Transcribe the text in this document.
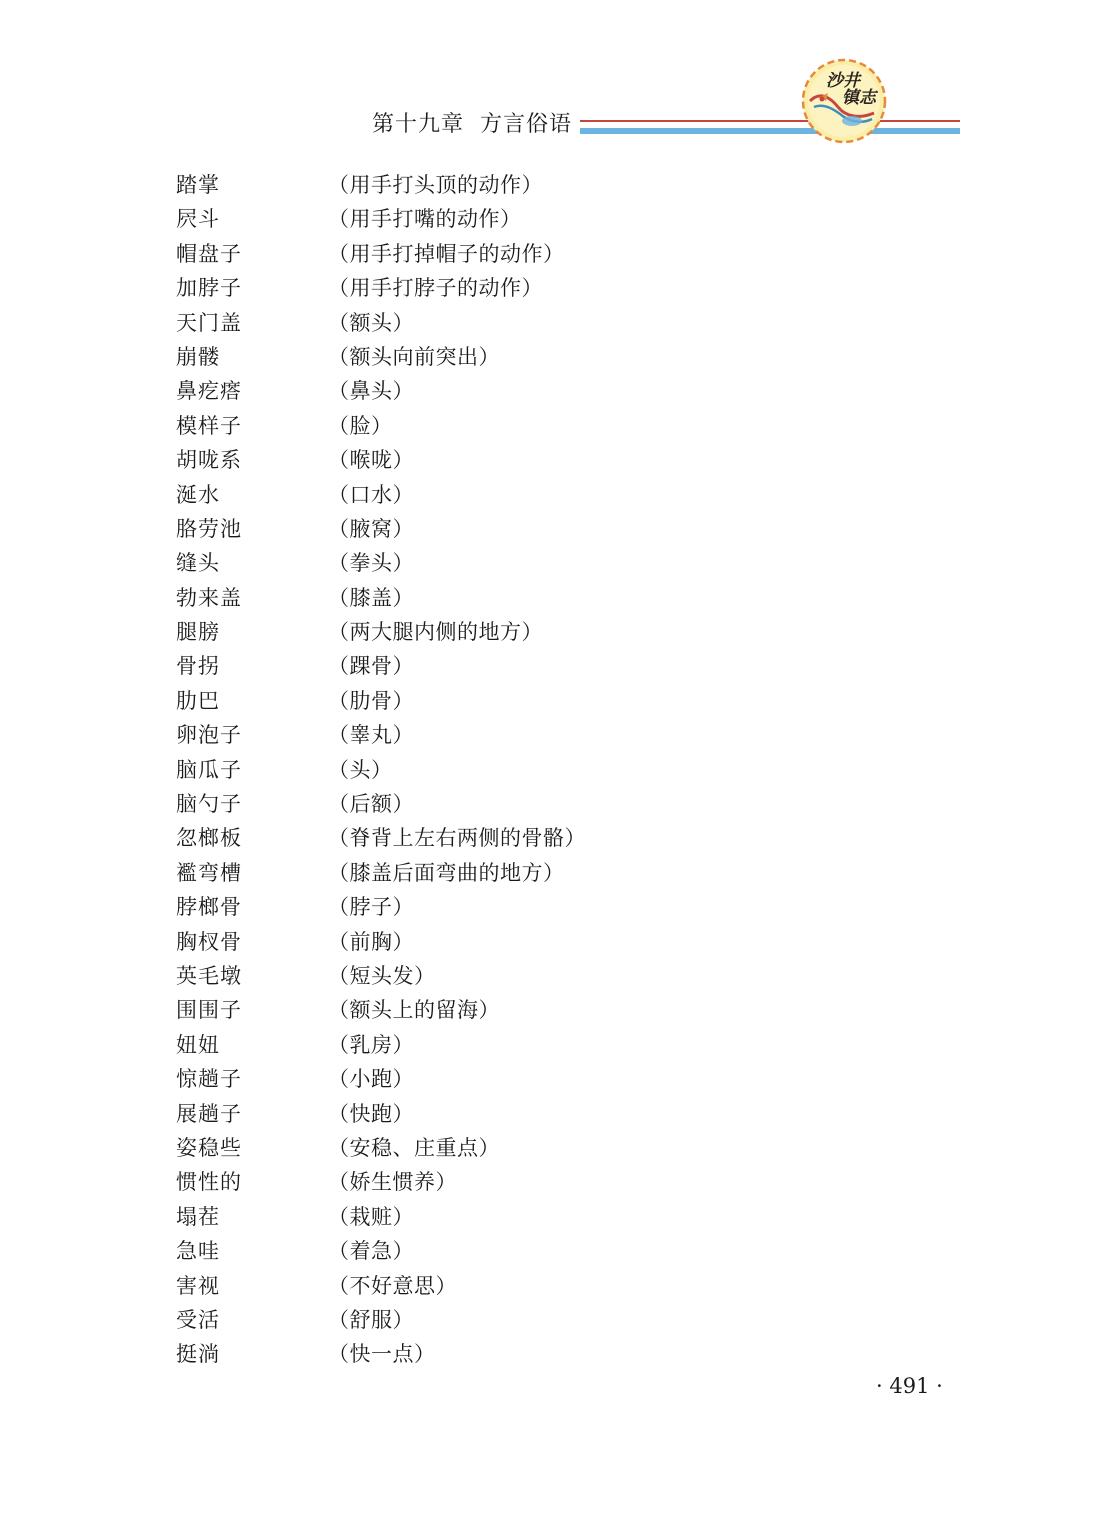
第十九章  方言俗语
沙井
镇志
踏掌	（用手打头顶的动作）
屄斗	（用手打嘴的动作）
帽盘子	（用手打掉帽子的动作）
加脖子	（用手打脖子的动作）
天门盖	（额头）
崩髅	（额头向前突出）
鼻疙瘩	（鼻头）
模样子	（脸）
胡咙系	（喉咙）
涎水	（口水）
胳劳池	（腋窝）
缝头	（拳头）
勃来盖	（膝盖）
腿膀	（两大腿内侧的地方）
骨拐	（踝骨）
肋巴	（肋骨）
卵泡子	（睾丸）
脑瓜子	（头）
脑勺子	（后额）
忽榔板	（脊背上左右两侧的骨骼）
襤弯槽	（膝盖后面弯曲的地方）
脖榔骨	（脖子）
胸杈骨	（前胸）
英毛墩	（短头发）
围围子	（额头上的留海）
妞妞	（乳房）
惊趟子	（小跑）
展趟子	（快跑）
姿稳些	（安稳、庄重点）
惯性的	（娇生惯养）
塌茬	（栽赃）
急哇	（着急）
害视	（不好意思）
受活	（舒服）
挺淌	（快一点）
· 491 ·
